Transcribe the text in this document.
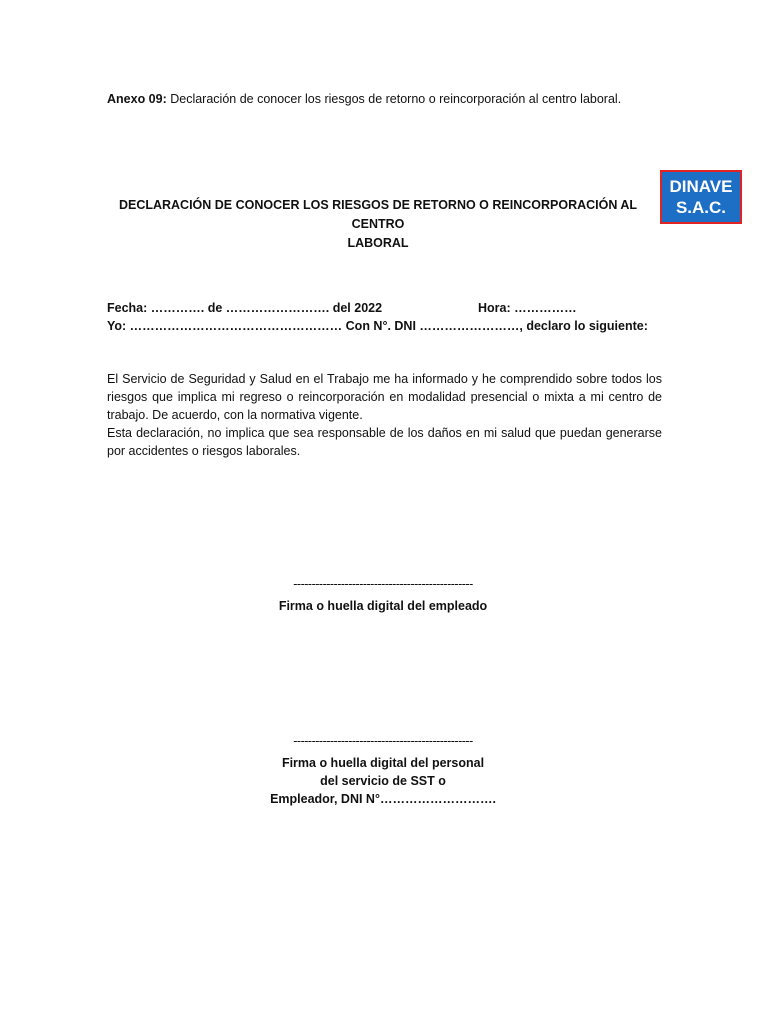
Anexo 09: Declaración de conocer los riesgos de retorno o reincorporación al centro laboral.
DINAVE
S.A.C.
DECLARACIÓN DE CONOCER LOS RIESGOS DE RETORNO O REINCORPORACIÓN AL CENTRO
LABORAL
Fecha: …………. de ……………………. del 2022	Hora: ……………
Yo: …………………………………………… Con N°. DNI ……………………, declaro lo siguiente:

El Servicio de Seguridad y Salud en el Trabajo me ha informado y he comprendido sobre todos los riesgos que implica mi regreso o reincorporación en modalidad presencial o mixta a mi centro de trabajo. De acuerdo, con la normativa vigente.

Esta declaración, no implica que sea responsable de los daños en mi salud que puedan generarse por accidentes o riesgos laborales.

-------------------------------------------------
Firma o huella digital del empleado
-------------------------------------------------
Firma o huella digital del personal
del servicio de SST o
Empleador, DNI N°……………………….
